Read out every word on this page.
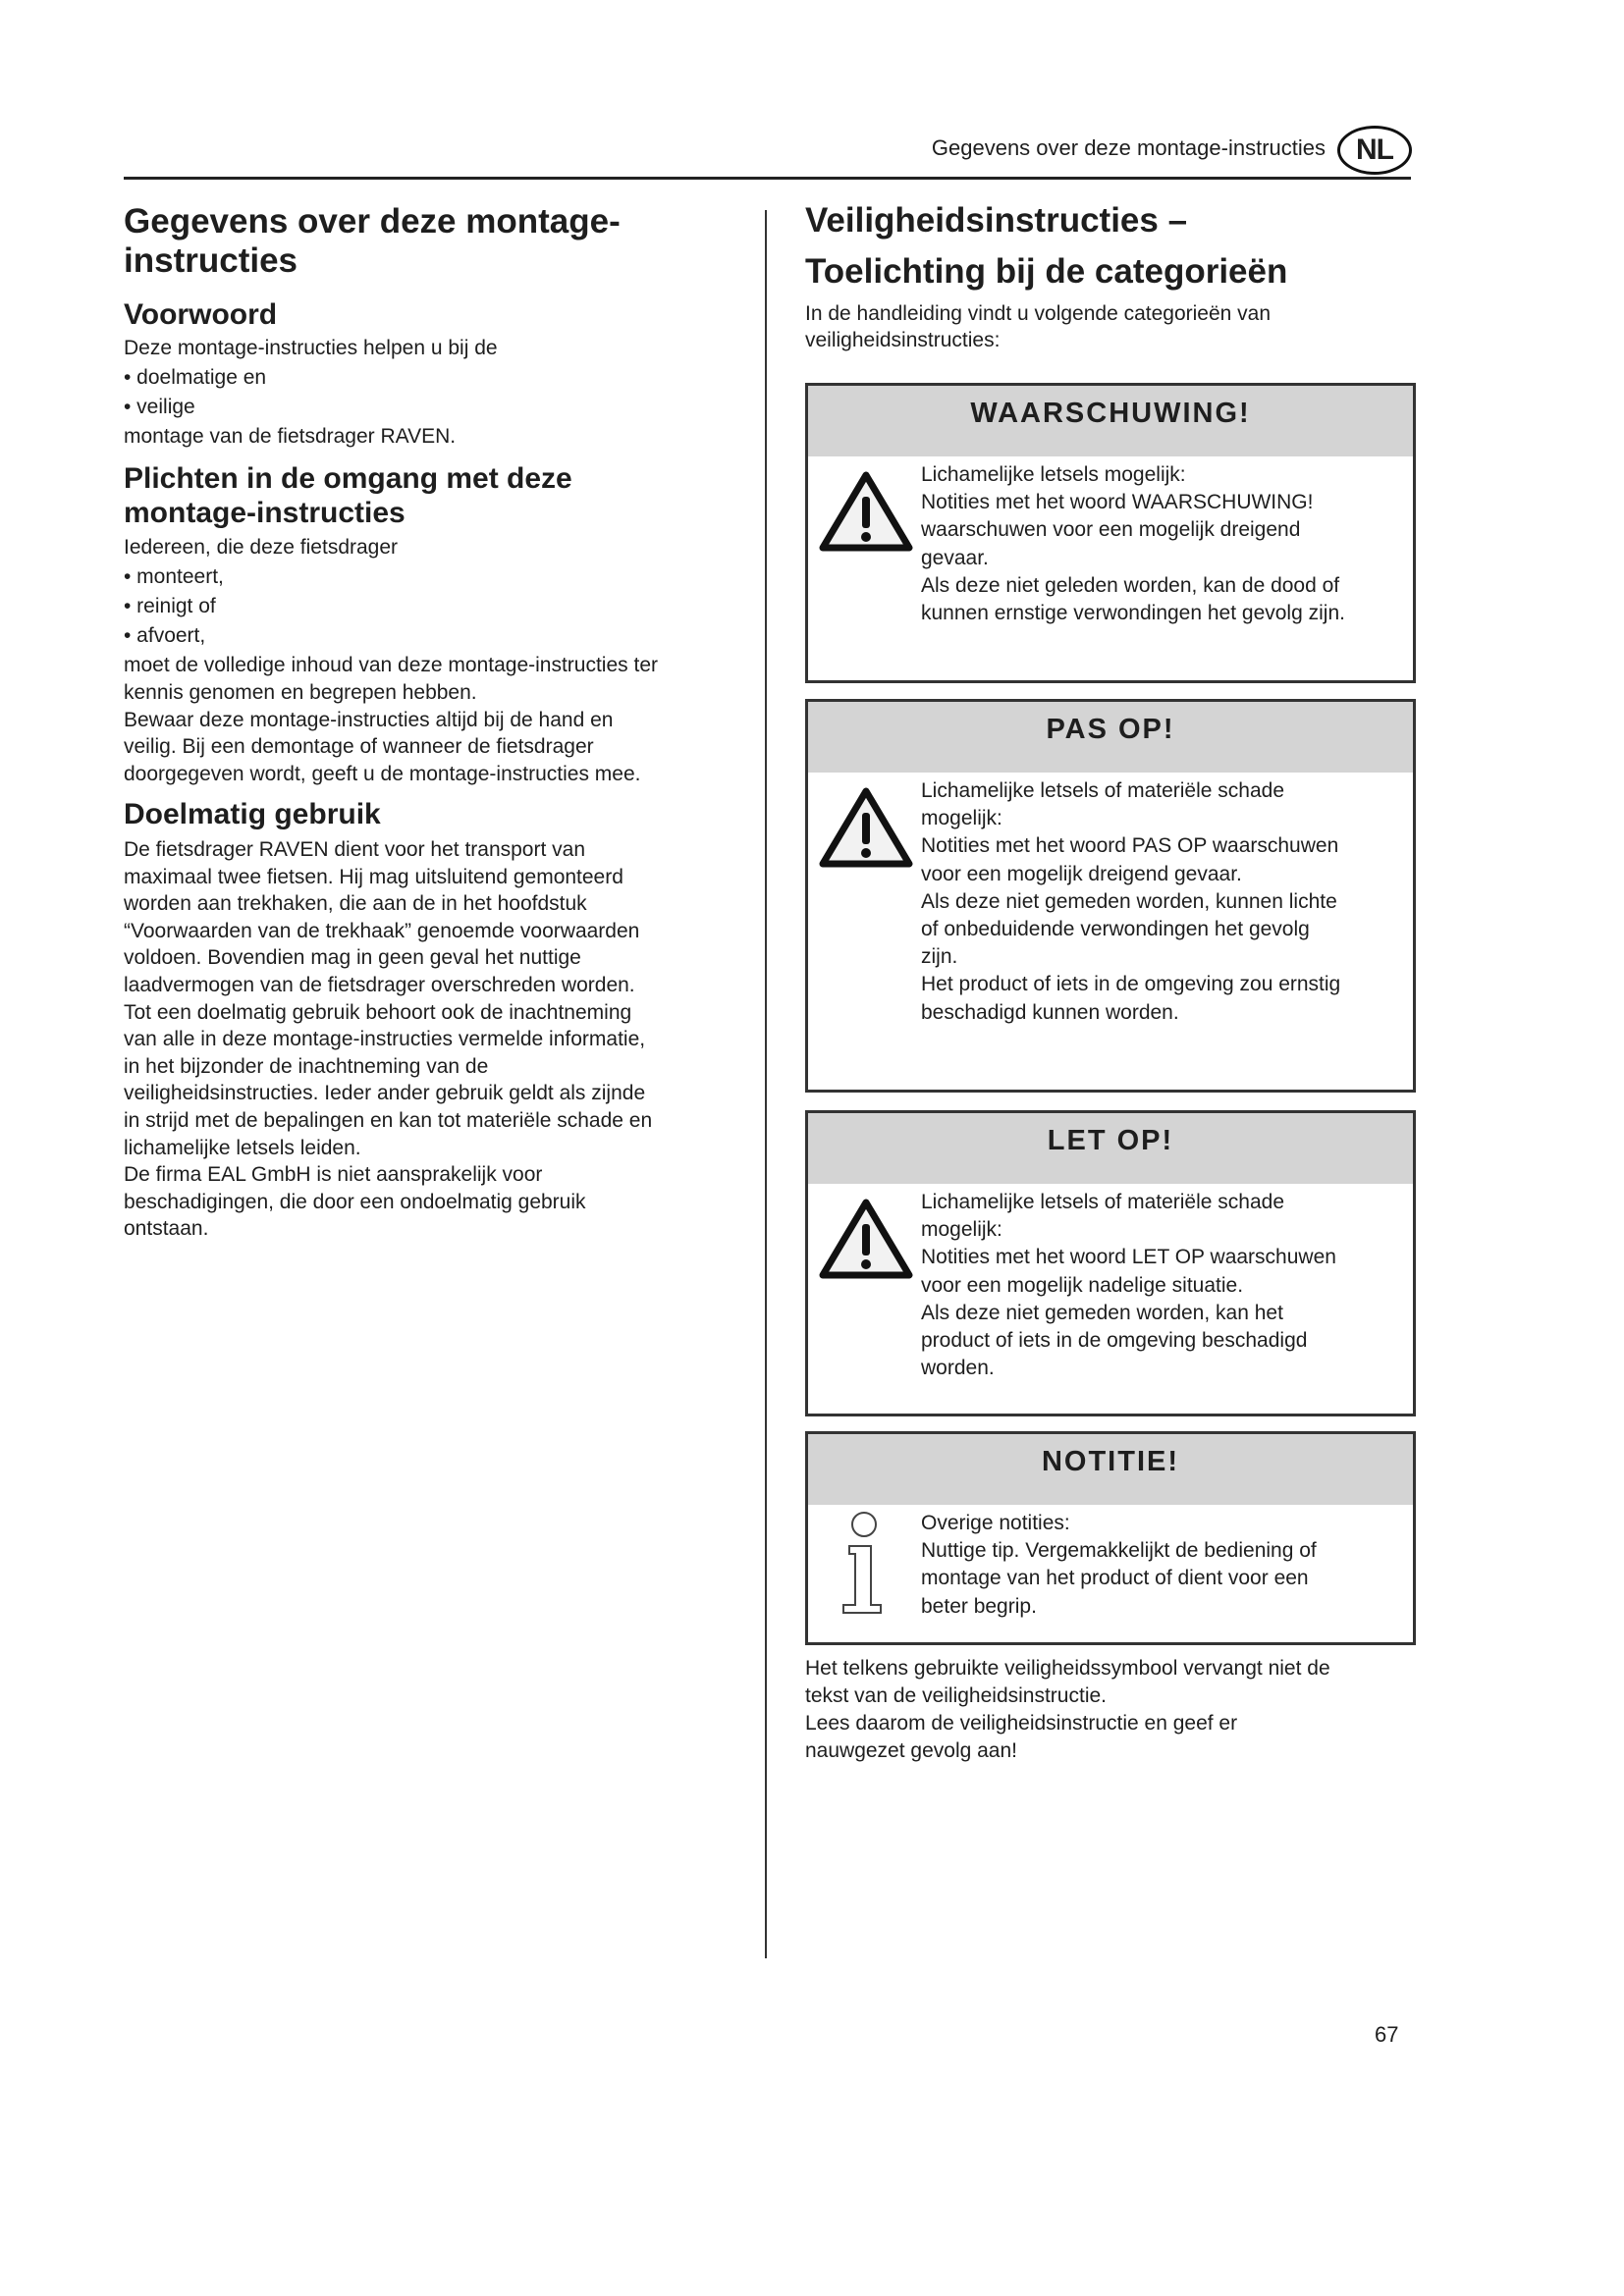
Gegevens over deze montage-instructies	NL
Gegevens over deze montage-
instructies
Voorwoord
Deze montage-instructies helpen u bij de
• doelmatige en
• veilige
montage van de fietsdrager RAVEN.
Plichten in de omgang met deze
montage-instructies
Iedereen, die deze fietsdrager
• monteert,
• reinigt of
• afvoert,
moet de volledige inhoud van deze montage-instructies ter
kennis genomen en begrepen hebben.
Bewaar deze montage-instructies altijd bij de hand en
veilig. Bij een demontage of wanneer de fietsdrager
doorgegeven wordt, geeft u de montage-instructies mee.
Doelmatig gebruik
De fietsdrager RAVEN dient voor het transport van
maximaal twee fietsen. Hij mag uitsluitend gemonteerd
worden aan trekhaken, die aan de in het hoofdstuk
“Voorwaarden van de trekhaak” genoemde voorwaarden
voldoen. Bovendien mag in geen geval het nuttige
laadvermogen van de fietsdrager overschreden worden.
Tot een doelmatig gebruik behoort ook de inachtneming
van alle in deze montage-instructies vermelde informatie,
in het bijzonder de inachtneming van de
veiligheidsinstructies. Ieder ander gebruik geldt als zijnde
in strijd met de bepalingen en kan tot materiële schade en
lichamelijke letsels leiden.
De firma EAL GmbH is niet aansprakelijk voor
beschadigingen, die door een ondoelmatig gebruik
ontstaan.
Veiligheidsinstructies –
Toelichting bij de categorieën
In de handleiding vindt u volgende categorieën van
veiligheidsinstructies:
WAARSCHUWING!
Lichamelijke letsels mogelijk:
Notities met het woord WAARSCHUWING!
waarschuwen voor een mogelijk dreigend
gevaar.
Als deze niet geleden worden, kan de dood of
kunnen ernstige verwondingen het gevolg zijn.
PAS OP!
Lichamelijke letsels of materiële schade
mogelijk:
Notities met het woord PAS OP waarschuwen
voor een mogelijk dreigend gevaar.
Als deze niet gemeden worden, kunnen lichte
of onbeduidende verwondingen het gevolg
zijn.
Het product of iets in de omgeving zou ernstig
beschadigd kunnen worden.
LET OP!
Lichamelijke letsels of materiële schade
mogelijk:
Notities met het woord LET OP waarschuwen
voor een mogelijk nadelige situatie.
Als deze niet gemeden worden, kan het
product of iets in de omgeving beschadigd
worden.
NOTITIE!
Overige notities:
Nuttige tip. Vergemakkelijkt de bediening of
montage van het product of dient voor een
beter begrip.
Het telkens gebruikte veiligheidssymbool vervangt niet de
tekst van de veiligheidsinstructie.
Lees daarom de veiligheidsinstructie en geef er
nauwgezet gevolg aan!
67
